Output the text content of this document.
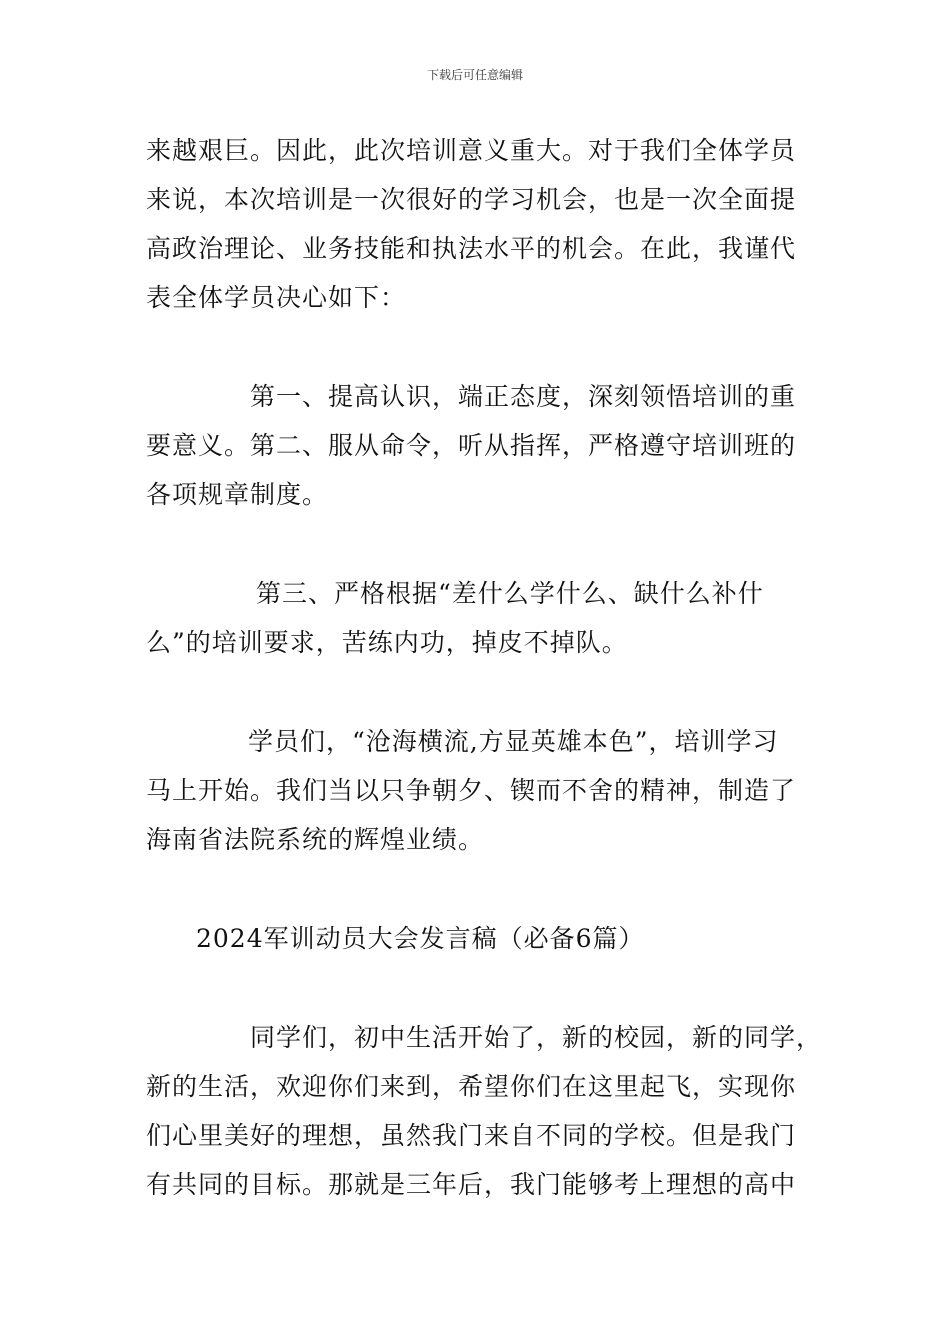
下载后可任意编辑
来越艰巨。因此，此次培训意义重大。对于我们全体学员
来说，本次培训是一次很好的学习机会，也是一次全面提
高政治理论、业务技能和执法水平的机会。在此，我谨代
表全体学员决心如下：
第一、提高认识，端正态度，深刻领悟培训的重
要意义。第二、服从命令，听从指挥，严格遵守培训班的
各项规章制度。
第三、严格根据“差什么学什么、缺什么补什
么”的培训要求，苦练内功，掉皮不掉队。
学员们，“沧海横流,方显英雄本色”，培训学习
马上开始。我们当以只争朝夕、锲而不舍的精神，制造了
海南省法院系统的辉煌业绩。
2024军训动员大会发言稿（必备6篇）
同学们，初中生活开始了，新的校园，新的同学，
新的生活，欢迎你们来到，希望你们在这里起飞，实现你
们心里美好的理想，虽然我门来自不同的学校。但是我门
有共同的目标。那就是三年后，我门能够考上理想的高中
